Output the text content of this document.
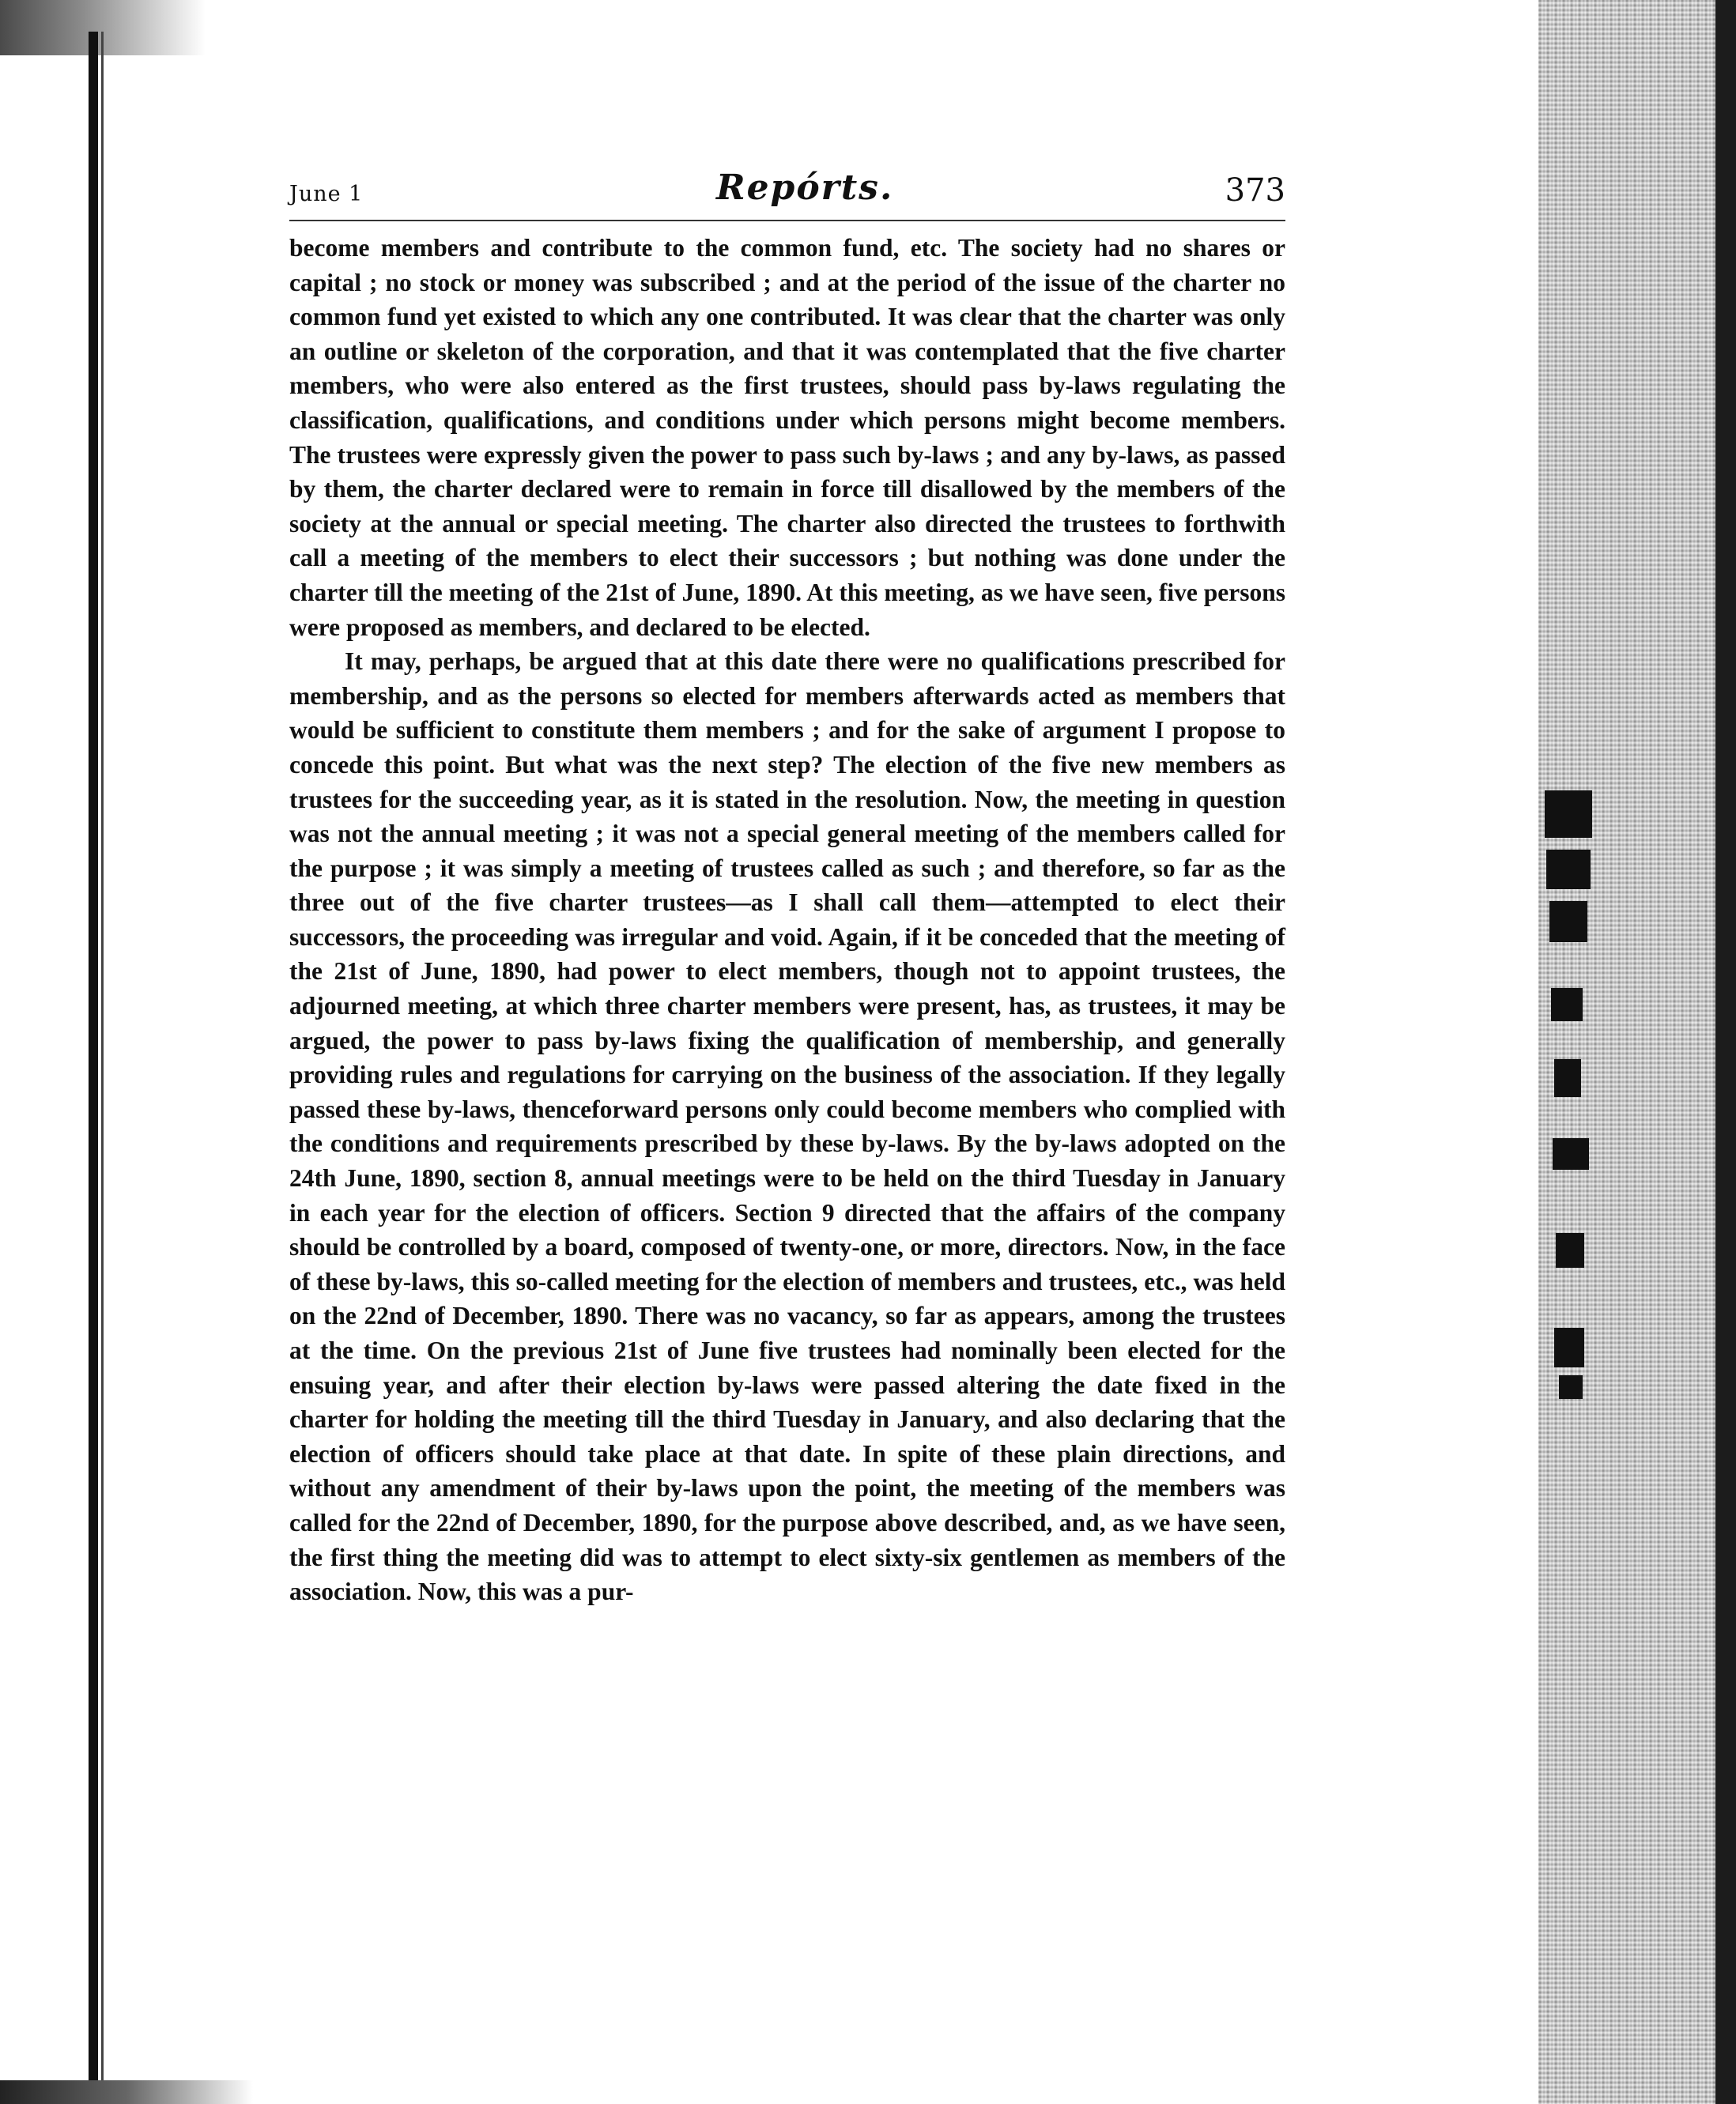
June 1	Repórts.	373

become members and contribute to the common fund, etc. The society had no shares or capital ; no stock or money was subscribed ; and at the period of the issue of the charter no common fund yet existed to which any one contributed. It was clear that the charter was only an outline or skeleton of the corporation, and that it was contemplated that the five charter members, who were also entered as the first trustees, should pass by-laws regulating the classification, qualifications, and conditions under which persons might become members. The trustees were expressly given the power to pass such by-laws ; and any by-laws, as passed by them, the charter declared were to remain in force till disallowed by the members of the society at the annual or special meeting. The charter also directed the trustees to forthwith call a meeting of the members to elect their successors ; but nothing was done under the charter till the meeting of the 21st of June, 1890. At this meeting, as we have seen, five persons were proposed as members, and declared to be elected.

It may, perhaps, be argued that at this date there were no qualifications prescribed for membership, and as the persons so elected for members afterwards acted as members that would be sufficient to constitute them members ; and for the sake of argument I propose to concede this point. But what was the next step? The election of the five new members as trustees for the succeeding year, as it is stated in the resolution. Now, the meeting in question was not the annual meeting ; it was not a special general meeting of the members called for the purpose ; it was simply a meeting of trustees called as such ; and therefore, so far as the three out of the five charter trustees—as I shall call them—attempted to elect their successors, the proceeding was irregular and void. Again, if it be conceded that the meeting of the 21st of June, 1890, had power to elect members, though not to appoint trustees, the adjourned meeting, at which three charter members were present, has, as trustees, it may be argued, the power to pass by-laws fixing the qualification of membership, and generally providing rules and regulations for carrying on the business of the association. If they legally passed these by-laws, thenceforward persons only could become members who complied with the conditions and requirements prescribed by these by-laws. By the by-laws adopted on the 24th June, 1890, section 8, annual meetings were to be held on the third Tuesday in January in each year for the election of officers. Section 9 directed that the affairs of the company should be controlled by a board, composed of twenty-one, or more, directors. Now, in the face of these by-laws, this so-called meeting for the election of members and trustees, etc., was held on the 22nd of December, 1890. There was no vacancy, so far as appears, among the trustees at the time. On the previous 21st of June five trustees had nominally been elected for the ensuing year, and after their election by-laws were passed altering the date fixed in the charter for holding the meeting till the third Tuesday in January, and also declaring that the election of officers should take place at that date. In spite of these plain directions, and without any amendment of their by-laws upon the point, the meeting of the members was called for the 22nd of December, 1890, for the purpose above described, and, as we have seen, the first thing the meeting did was to attempt to elect sixty-six gentlemen as members of the association. Now, this was a pur-
